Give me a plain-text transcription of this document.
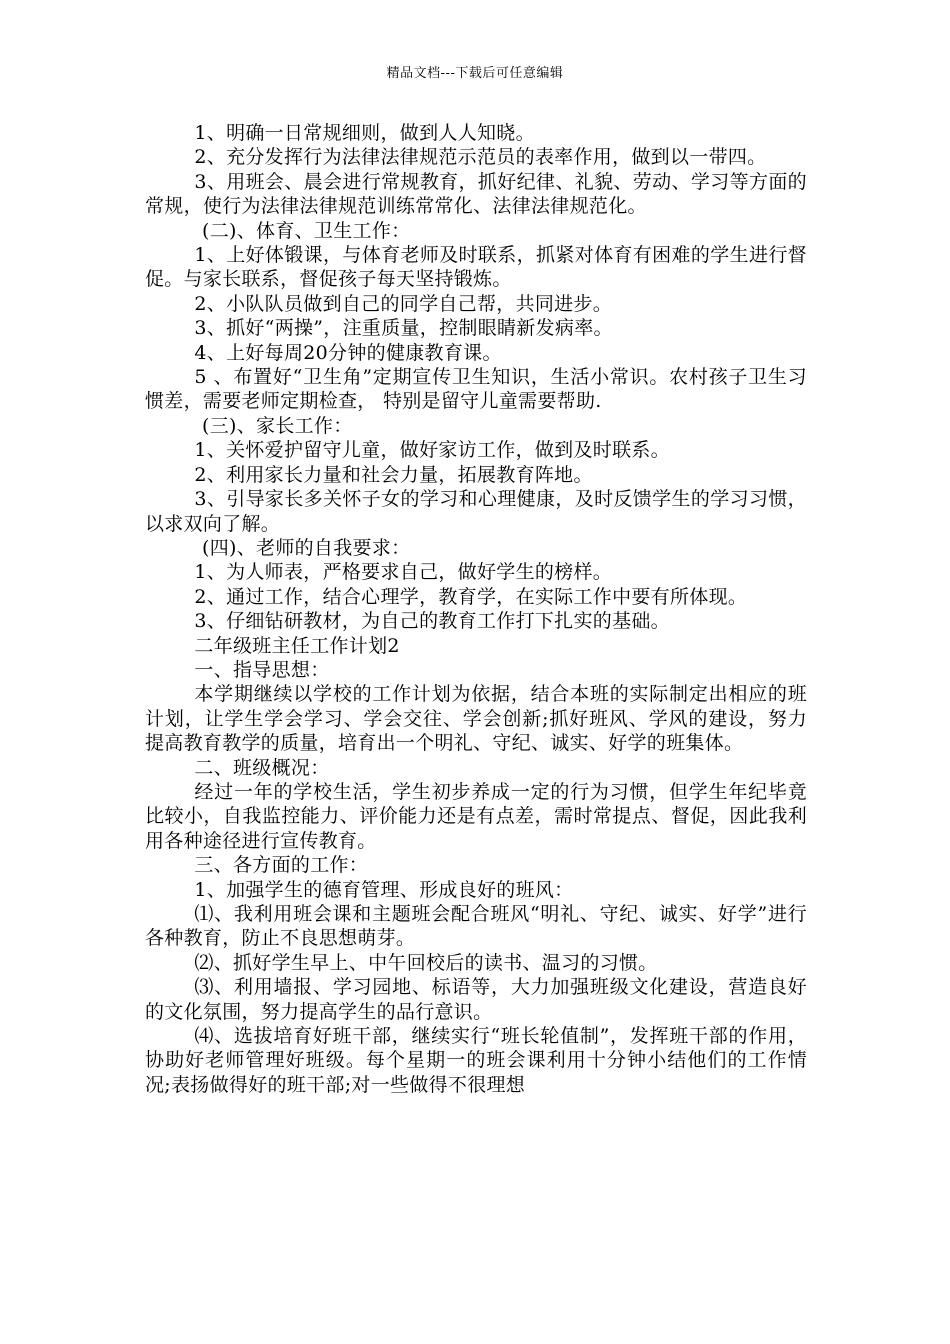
精品文档---下载后可任意编辑

1、明确一日常规细则，做到人人知晓。

2、充分发挥行为法律法律规范示范员的表率作用，做到以一带四。

3、用班会、晨会进行常规教育，抓好纪律、礼貌、劳动、学习等方面的常规，使行为法律法律规范训练常常化、法律法律规范化。

(二)、体育、卫生工作：

1、上好体锻课，与体育老师及时联系，抓紧对体育有困难的学生进行督促。与家长联系，督促孩子每天坚持锻炼。

2、小队队员做到自己的同学自己帮，共同进步。

3、抓好“两操”，注重质量，控制眼睛新发病率。

4、上好每周20分钟的健康教育课。

5 、布置好“卫生角”定期宣传卫生知识，生活小常识。农村孩子卫生习惯差，需要老师定期检查， 特别是留守儿童需要帮助.

(三)、家长工作：

1、关怀爱护留守儿童，做好家访工作，做到及时联系。

2、利用家长力量和社会力量，拓展教育阵地。

3、引导家长多关怀子女的学习和心理健康，及时反馈学生的学习习惯，以求双向了解。

(四)、老师的自我要求：

1、为人师表，严格要求自己，做好学生的榜样。

2、通过工作，结合心理学，教育学，在实际工作中要有所体现。

3、仔细钻研教材，为自己的教育工作打下扎实的基础。

二年级班主任工作计划2

一、指导思想：

本学期继续以学校的工作计划为依据，结合本班的实际制定出相应的班计划，让学生学会学习、学会交往、学会创新;抓好班风、学风的建设，努力提高教育教学的质量，培育出一个明礼、守纪、诚实、好学的班集体。

二、班级概况：

经过一年的学校生活，学生初步养成一定的行为习惯，但学生年纪毕竟比较小，自我监控能力、评价能力还是有点差，需时常提点、督促，因此我利用各种途径进行宣传教育。

三、各方面的工作：

1、加强学生的德育管理、形成良好的班风：

⑴、我利用班会课和主题班会配合班风“明礼、守纪、诚实、好学”进行各种教育，防止不良思想萌芽。

⑵、抓好学生早上、中午回校后的读书、温习的习惯。

⑶、利用墙报、学习园地、标语等，大力加强班级文化建设，营造良好的文化氛围，努力提高学生的品行意识。

⑷、选拔培育好班干部，继续实行“班长轮值制”，发挥班干部的作用，协助好老师管理好班级。每个星期一的班会课利用十分钟小结他们的工作情况;表扬做得好的班干部;对一些做得不很理想
